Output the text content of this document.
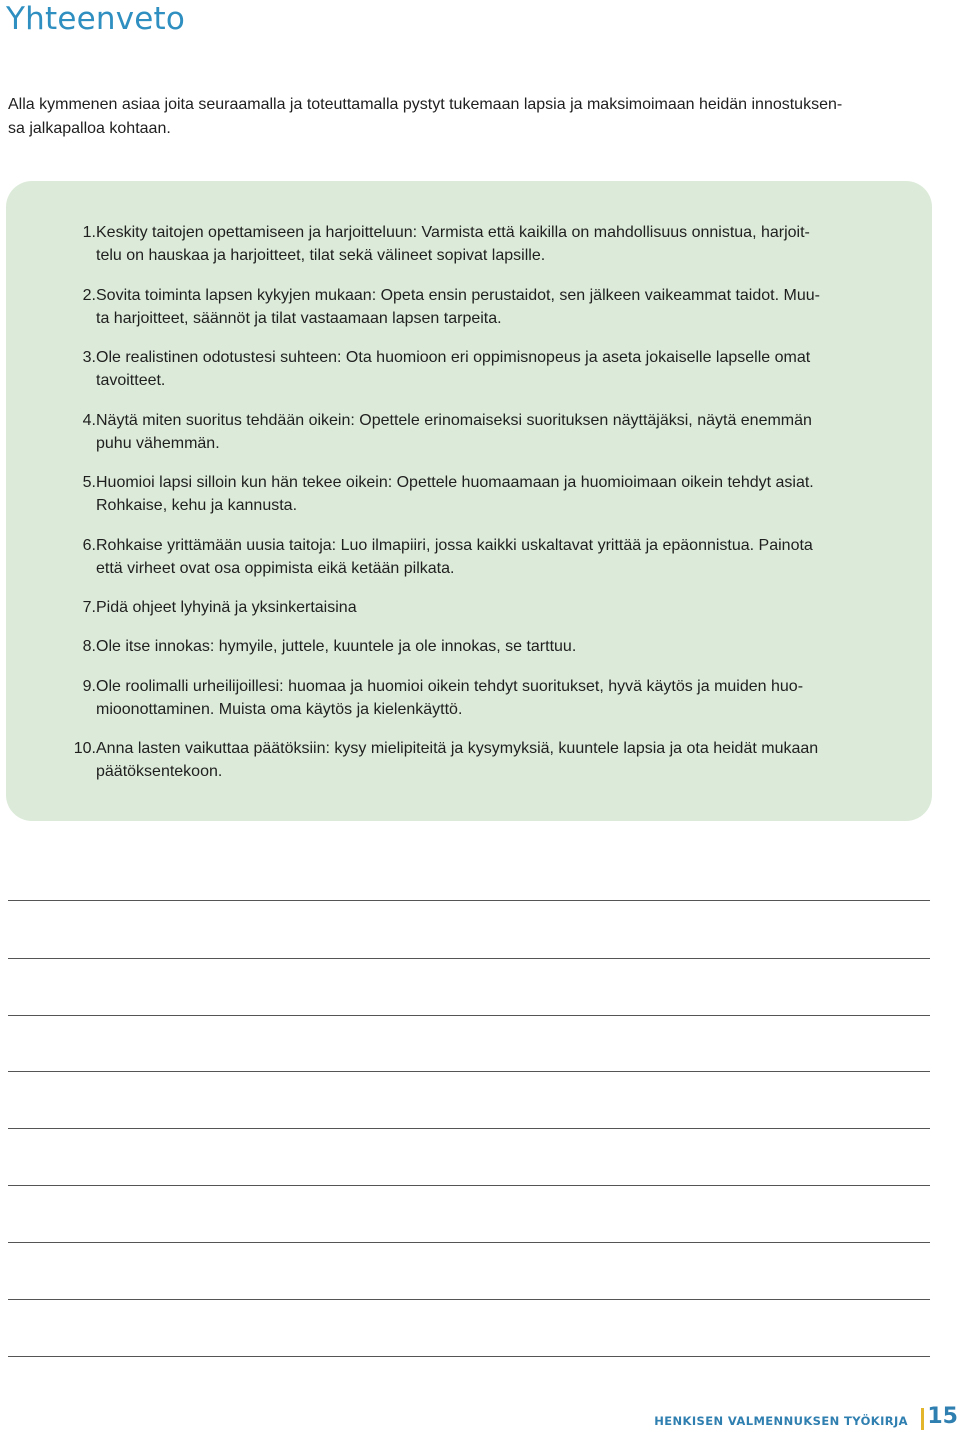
Yhteenveto

Alla kymmenen asiaa joita seuraamalla ja toteuttamalla pystyt tukemaan lapsia ja maksimoimaan heidän innostuksen-
sa jalkapalloa kohtaan.

1. Keskity taitojen opettamiseen ja harjoitteluun: Varmista että kaikilla on mahdollisuus onnistua, harjoit-
telu on hauskaa ja harjoitteet, tilat sekä välineet sopivat lapsille.
2. Sovita toiminta lapsen kykyjen mukaan: Opeta ensin perustaidot, sen jälkeen vaikeammat taidot. Muu-
ta harjoitteet, säännöt ja tilat vastaamaan lapsen tarpeita.
3. Ole realistinen odotustesi suhteen: Ota huomioon eri oppimisnopeus ja aseta jokaiselle lapselle omat
tavoitteet.
4. Näytä miten suoritus tehdään oikein: Opettele erinomaiseksi suorituksen näyttäjäksi, näytä enemmän
puhu vähemmän.
5. Huomioi lapsi silloin kun hän tekee oikein: Opettele huomaamaan ja huomioimaan oikein tehdyt asiat.
Rohkaise, kehu ja kannusta.
6. Rohkaise yrittämään uusia taitoja: Luo ilmapiiri, jossa kaikki uskaltavat yrittää ja epäonnistua. Painota
että virheet ovat osa oppimista eikä ketään pilkata.
7. Pidä ohjeet lyhyinä ja yksinkertaisina
8. Ole itse innokas: hymyile, juttele, kuuntele ja ole innokas, se tarttuu.
9. Ole roolimalli urheilijoillesi: huomaa ja huomioi oikein tehdyt suoritukset, hyvä käytös ja muiden huo-
mioonottaminen. Muista oma käytös ja kielenkäyttö.
10. Anna lasten vaikuttaa päätöksiin: kysy mielipiteitä ja kysymyksiä, kuuntele lapsia ja ota heidät mukaan
päätöksentekoon.
HENKISEN VALMENNUKSEN TYÖKIRJA 15
